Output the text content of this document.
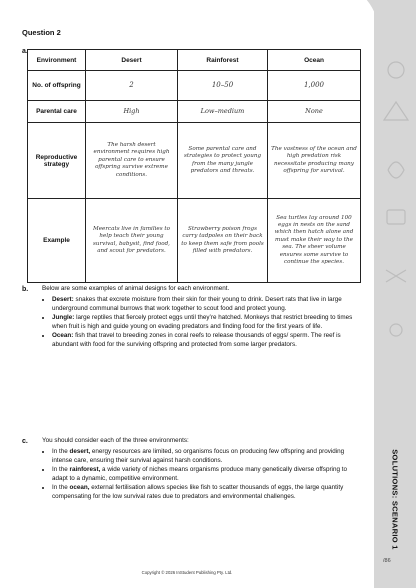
SOLUTIONS: SCENARIO 1
/86

Question 2

a.
Environment	Desert	Rainforest	Ocean
No. of offspring	2	10–50	1,000
Parental care	High	Low–medium	None
Reproductive strategy	The harsh desert environment requires high parental care to ensure offspring survive extreme conditions.	Some parental care and strategies to protect young from the many jungle predators and threats.	The vastness of the ocean and high predation risk necessitate producing many offspring for survival.
Example	Meercats live in families to help teach their young survival, babysit, find food, and scout for predators.	Strawberry poison frogs carry tadpoles on their back to keep them safe from pools filled with predators.	Sea turtles lay around 100 eggs in nests on the sand which then hatch alone and must make their way to the sea. The sheer volume ensures some survive to continue the species.
b. Below are some examples of animal designs for each environment.

• Desert: snakes that excrete moisture from their skin for their young to drink. Desert rats that live in large underground communal burrows that work together to scout food and protect young.
• Jungle: large reptiles that fiercely protect eggs until they’re hatched. Monkeys that restrict breeding to times when fruit is high and guide young on evading predators and finding food for the first years of life.
• Ocean: fish that travel to breeding zones in coral reefs to release thousands of eggs/ sperm. The reef is abundant with food for the surviving offspring and protected from some larger predators.
c. You should consider each of the three environments:

• In the desert, energy resources are limited, so organisms focus on producing few offspring and providing intense care, ensuring their survival against harsh conditions.
• In the rainforest, a wide variety of niches means organisms produce many genetically diverse offspring to adapt to a dynamic, competitive environment.
• In the ocean, external fertilisation allows species like fish to scatter thousands of eggs, the large quantity compensating for the low survival rates due to predators and environmental challenges.
Copyright © 2026 InStudent Publishing Pty. Ltd.
